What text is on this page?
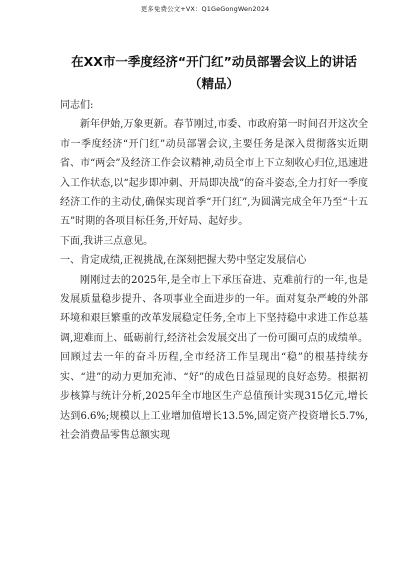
更多免费公文+VX：Q1GeGongWen2024
在XX市一季度经济“开门红”动员部署会议上的讲话（精品）

同志们:

新年伊始,万象更新。春节刚过,市委、市政府第一时间召开这次全市一季度经济“开门红”动员部署会议,主要任务是深入贯彻落实近期省、市“两会”及经济工作会议精神,动员全市上下立刻收心归位,迅速进入工作状态,以“起步即冲刺、开局即决战”的奋斗姿态,全力打好一季度经济工作的主动仗,确保实现首季“开门红”,为圆满完成全年乃至“十五五”时期的各项目标任务,开好局、起好步。

下面,我讲三点意见。

一、肯定成绩,正视挑战,在深刻把握大势中坚定发展信心

刚刚过去的2025年,是全市上下承压奋进、克难前行的一年,也是发展质量稳步提升、各项事业全面进步的一年。面对复杂严峻的外部环境和艰巨繁重的改革发展稳定任务,全市上下坚持稳中求进工作总基调,迎难而上、砥砺前行,经济社会发展交出了一份可圈可点的成绩单。回顾过去一年的奋斗历程,全市经济工作呈现出“稳”的根基持续夯实、“进”的动力更加充沛、“好”的成色日益显现的良好态势。根据初步核算与统计分析,2025年全市地区生产总值预计实现315亿元,增长达到6.6%;规模以上工业增加值增长13.5%,固定资产投资增长5.7%,社会消费品零售总额实现
